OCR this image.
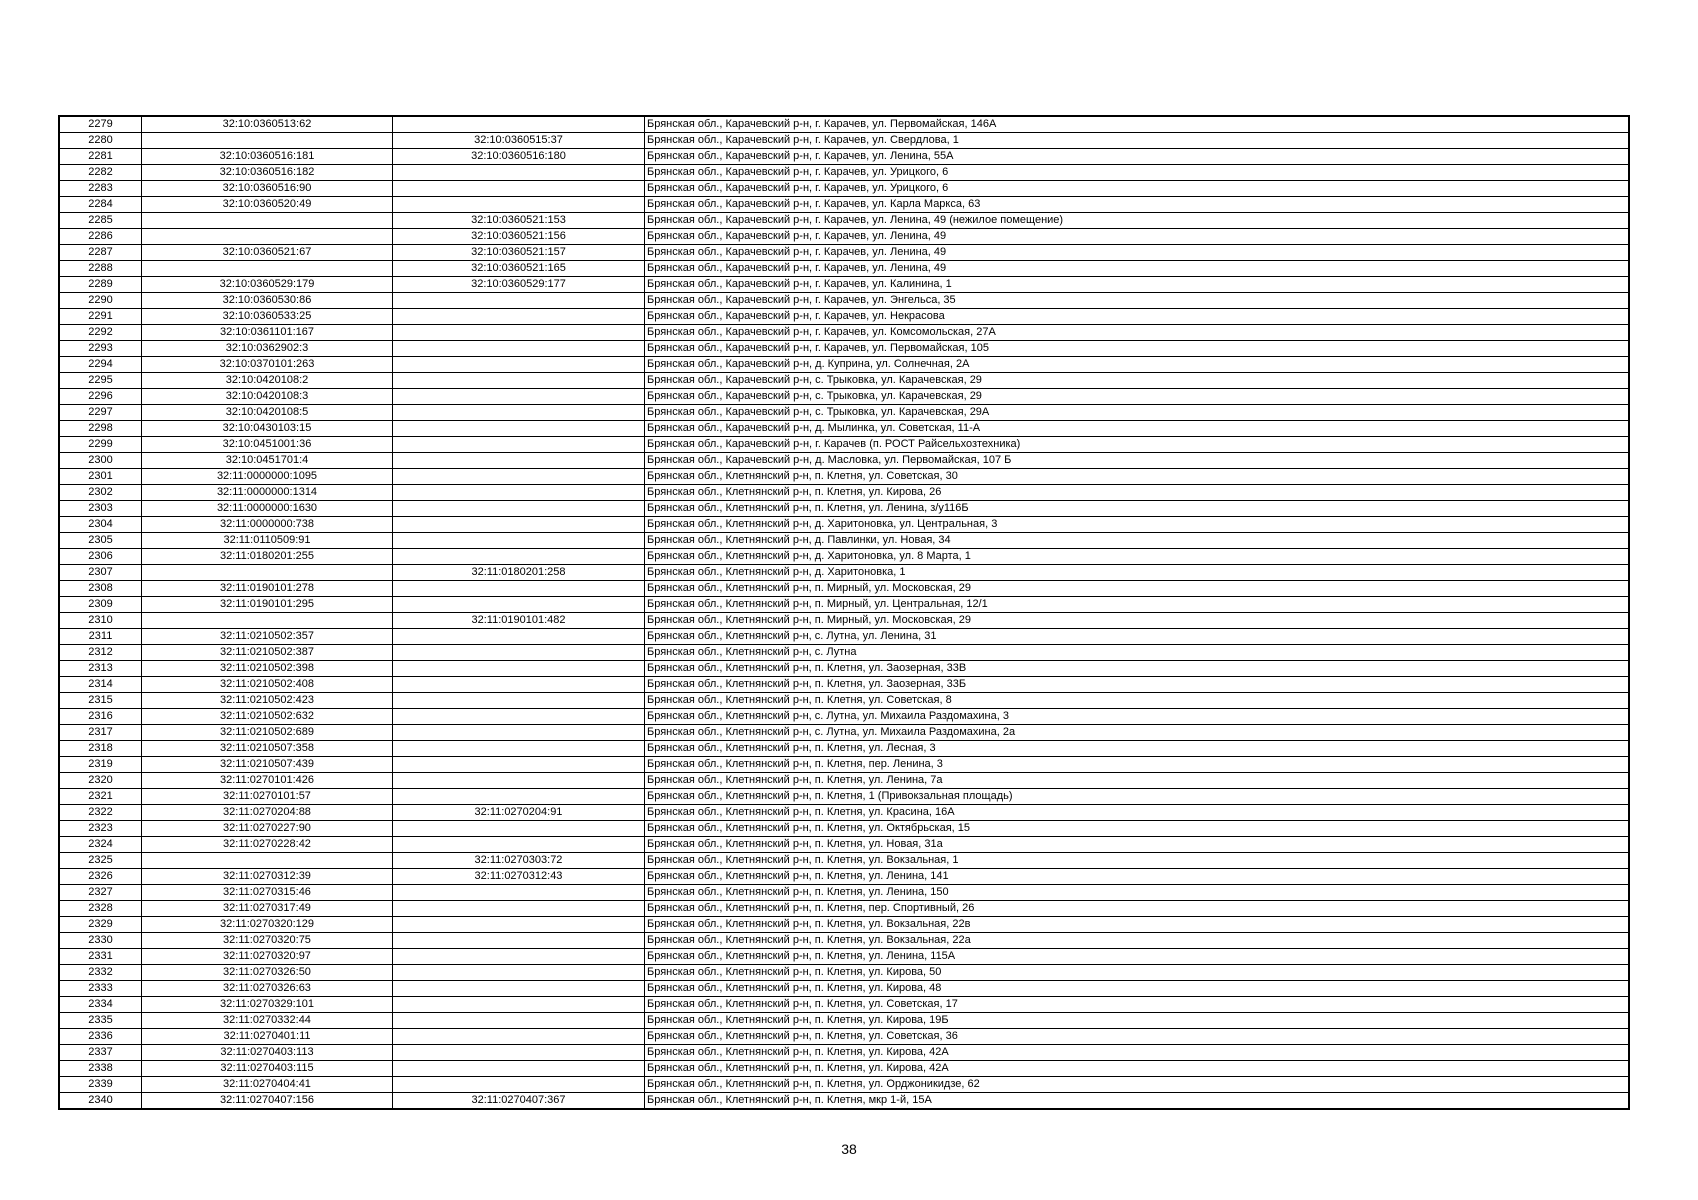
2279	32:10:0360513:62		Брянская обл., Карачевский р-н, г. Карачев, ул. Первомайская, 146А
2280		32:10:0360515:37	Брянская обл., Карачевский р-н, г. Карачев, ул. Свердлова, 1
2281	32:10:0360516:181	32:10:0360516:180	Брянская обл., Карачевский р-н, г. Карачев, ул. Ленина, 55А
2282	32:10:0360516:182		Брянская обл., Карачевский р-н, г. Карачев, ул. Урицкого, 6
2283	32:10:0360516:90		Брянская обл., Карачевский р-н, г. Карачев, ул. Урицкого, 6
2284	32:10:0360520:49		Брянская обл., Карачевский р-н, г. Карачев, ул. Карла Маркса, 63
2285		32:10:0360521:153	Брянская обл., Карачевский р-н, г. Карачев, ул. Ленина, 49 (нежилое помещение)
2286		32:10:0360521:156	Брянская обл., Карачевский р-н, г. Карачев, ул. Ленина, 49
2287	32:10:0360521:67	32:10:0360521:157	Брянская обл., Карачевский р-н, г. Карачев, ул. Ленина, 49
2288		32:10:0360521:165	Брянская обл., Карачевский р-н, г. Карачев, ул. Ленина, 49
2289	32:10:0360529:179	32:10:0360529:177	Брянская обл., Карачевский р-н, г. Карачев, ул. Калинина, 1
2290	32:10:0360530:86		Брянская обл., Карачевский р-н, г. Карачев, ул. Энгельса, 35
2291	32:10:0360533:25		Брянская обл., Карачевский р-н, г. Карачев, ул. Некрасова
2292	32:10:0361101:167		Брянская обл., Карачевский р-н, г. Карачев, ул. Комсомольская, 27А
2293	32:10:0362902:3		Брянская обл., Карачевский р-н, г. Карачев, ул. Первомайская, 105
2294	32:10:0370101:263		Брянская обл., Карачевский р-н, д. Куприна, ул. Солнечная, 2А
2295	32:10:0420108:2		Брянская обл., Карачевский р-н, с. Трыковка, ул. Карачевская, 29
2296	32:10:0420108:3		Брянская обл., Карачевский р-н, с. Трыковка, ул. Карачевская, 29
2297	32:10:0420108:5		Брянская обл., Карачевский р-н, с. Трыковка, ул. Карачевская, 29А
2298	32:10:0430103:15		Брянская обл., Карачевский р-н, д. Мылинка, ул. Советская, 11-А
2299	32:10:0451001:36		Брянская обл., Карачевский р-н, г. Карачев (п. РОСТ Райсельхозтехника)
2300	32:10:0451701:4		Брянская обл., Карачевский р-н, д. Масловка, ул. Первомайская, 107 Б
2301	32:11:0000000:1095		Брянская обл., Клетнянский р-н, п. Клетня, ул. Советская, 30
2302	32:11:0000000:1314		Брянская обл., Клетнянский р-н, п. Клетня, ул. Кирова, 26
2303	32:11:0000000:1630		Брянская обл., Клетнянский р-н, п. Клетня, ул. Ленина, з/у116Б
2304	32:11:0000000:738		Брянская обл., Клетнянский р-н, д. Харитоновка, ул. Центральная, 3
2305	32:11:0110509:91		Брянская обл., Клетнянский р-н, д. Павлинки, ул. Новая, 34
2306	32:11:0180201:255		Брянская обл., Клетнянский р-н, д. Харитоновка, ул. 8 Марта, 1
2307		32:11:0180201:258	Брянская обл., Клетнянский р-н, д. Харитоновка, 1
2308	32:11:0190101:278		Брянская обл., Клетнянский р-н, п. Мирный, ул. Московская, 29
2309	32:11:0190101:295		Брянская обл., Клетнянский р-н, п. Мирный, ул. Центральная, 12/1
2310		32:11:0190101:482	Брянская обл., Клетнянский р-н, п. Мирный, ул. Московская, 29
2311	32:11:0210502:357		Брянская обл., Клетнянский р-н, с. Лутна, ул. Ленина, 31
2312	32:11:0210502:387		Брянская обл., Клетнянский р-н, с. Лутна
2313	32:11:0210502:398		Брянская обл., Клетнянский р-н, п. Клетня, ул. Заозерная, 33В
2314	32:11:0210502:408		Брянская обл., Клетнянский р-н, п. Клетня, ул. Заозерная, 33Б
2315	32:11:0210502:423		Брянская обл., Клетнянский р-н, п. Клетня, ул. Советская, 8
2316	32:11:0210502:632		Брянская обл., Клетнянский р-н, с. Лутна, ул. Михаила Раздомахина, 3
2317	32:11:0210502:689		Брянская обл., Клетнянский р-н, с. Лутна, ул. Михаила Раздомахина, 2а
2318	32:11:0210507:358		Брянская обл., Клетнянский р-н, п. Клетня, ул. Лесная, 3
2319	32:11:0210507:439		Брянская обл., Клетнянский р-н, п. Клетня, пер. Ленина, 3
2320	32:11:0270101:426		Брянская обл., Клетнянский р-н, п. Клетня, ул. Ленина, 7а
2321	32:11:0270101:57		Брянская обл., Клетнянский р-н, п. Клетня, 1 (Привокзальная площадь)
2322	32:11:0270204:88	32:11:0270204:91	Брянская обл., Клетнянский р-н, п. Клетня, ул. Красина, 16А
2323	32:11:0270227:90		Брянская обл., Клетнянский р-н, п. Клетня, ул. Октябрьская, 15
2324	32:11:0270228:42		Брянская обл., Клетнянский р-н, п. Клетня, ул. Новая, 31а
2325		32:11:0270303:72	Брянская обл., Клетнянский р-н, п. Клетня, ул. Вокзальная, 1
2326	32:11:0270312:39	32:11:0270312:43	Брянская обл., Клетнянский р-н, п. Клетня, ул. Ленина, 141
2327	32:11:0270315:46		Брянская обл., Клетнянский р-н, п. Клетня, ул. Ленина, 150
2328	32:11:0270317:49		Брянская обл., Клетнянский р-н, п. Клетня, пер. Спортивный, 26
2329	32:11:0270320:129		Брянская обл., Клетнянский р-н, п. Клетня, ул. Вокзальная, 22в
2330	32:11:0270320:75		Брянская обл., Клетнянский р-н, п. Клетня, ул. Вокзальная, 22а
2331	32:11:0270320:97		Брянская обл., Клетнянский р-н, п. Клетня, ул. Ленина, 115А
2332	32:11:0270326:50		Брянская обл., Клетнянский р-н, п. Клетня, ул. Кирова, 50
2333	32:11:0270326:63		Брянская обл., Клетнянский р-н, п. Клетня, ул. Кирова, 48
2334	32:11:0270329:101		Брянская обл., Клетнянский р-н, п. Клетня, ул. Советская, 17
2335	32:11:0270332:44		Брянская обл., Клетнянский р-н, п. Клетня, ул. Кирова, 19Б
2336	32:11:0270401:11		Брянская обл., Клетнянский р-н, п. Клетня, ул. Советская, 36
2337	32:11:0270403:113		Брянская обл., Клетнянский р-н, п. Клетня, ул. Кирова, 42А
2338	32:11:0270403:115		Брянская обл., Клетнянский р-н, п. Клетня, ул. Кирова, 42А
2339	32:11:0270404:41		Брянская обл., Клетнянский р-н, п. Клетня, ул. Орджоникидзе, 62
2340	32:11:0270407:156	32:11:0270407:367	Брянская обл., Клетнянский р-н, п. Клетня, мкр 1-й, 15А
38
